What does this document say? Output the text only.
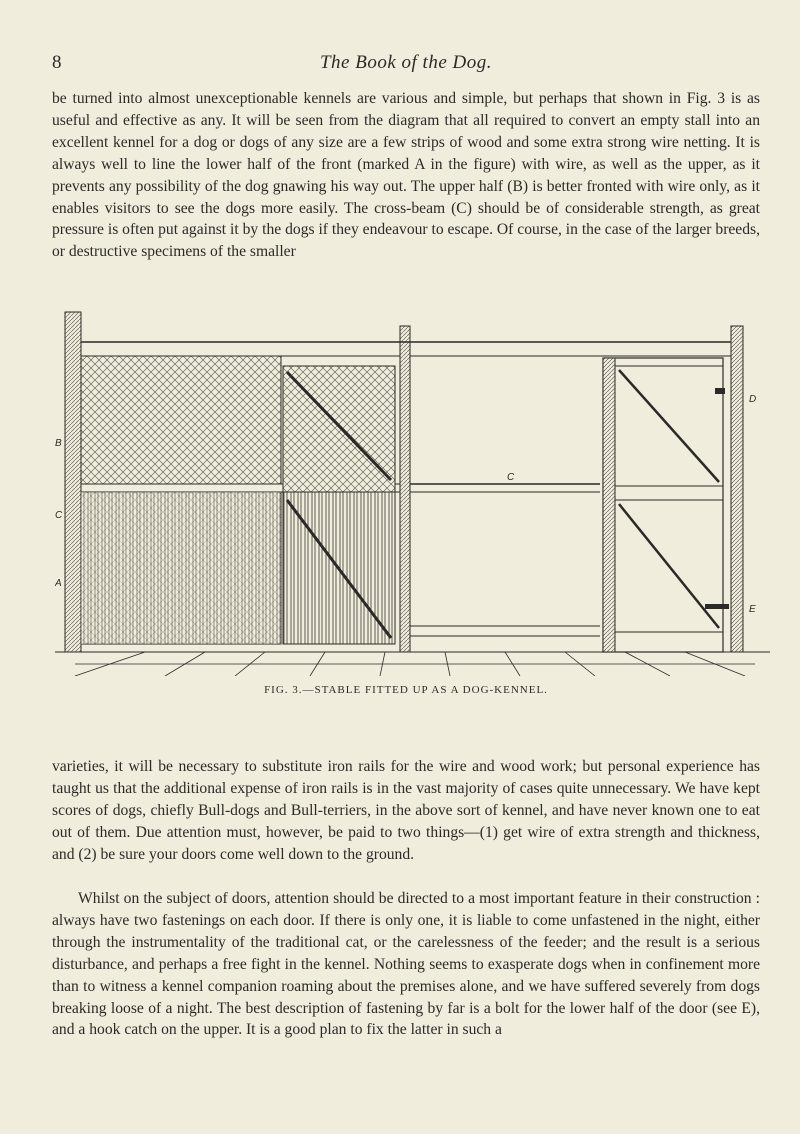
8	The Book of the Dog.

be turned into almost unexceptionable kennels are various and simple, but perhaps that shown in Fig. 3 is as useful and effective as any. It will be seen from the diagram that all required to convert an empty stall into an excellent kennel for a dog or dogs of any size are a few strips of wood and some extra strong wire netting. It is always well to line the lower half of the front (marked A in the figure) with wire, as well as the upper, as it prevents any possibility of the dog gnawing his way out. The upper half (B) is better fronted with wire only, as it enables visitors to see the dogs more easily. The cross-beam (C) should be of considerable strength, as great pressure is often put against it by the dogs if they endeavour to escape. Of course, in the case of the larger breeds, or destructive specimens of the smaller

B
C
A
C
D
E
FIG. 3.—STABLE FITTED UP AS A DOG-KENNEL.

varieties, it will be necessary to substitute iron rails for the wire and wood work; but personal experience has taught us that the additional expense of iron rails is in the vast majority of cases quite unnecessary. We have kept scores of dogs, chiefly Bull-dogs and Bull-terriers, in the above sort of kennel, and have never known one to eat out of them. Due attention must, however, be paid to two things—(1) get wire of extra strength and thickness, and (2) be sure your doors come well down to the ground.

Whilst on the subject of doors, attention should be directed to a most important feature in their construction : always have two fastenings on each door. If there is only one, it is liable to come unfastened in the night, either through the instrumentality of the traditional cat, or the carelessness of the feeder; and the result is a serious disturbance, and perhaps a free fight in the kennel. Nothing seems to exasperate dogs when in confinement more than to witness a kennel companion roaming about the premises alone, and we have suffered severely from dogs breaking loose of a night. The best description of fastening by far is a bolt for the lower half of the door (see E), and a hook catch on the upper. It is a good plan to fix the latter in such a
